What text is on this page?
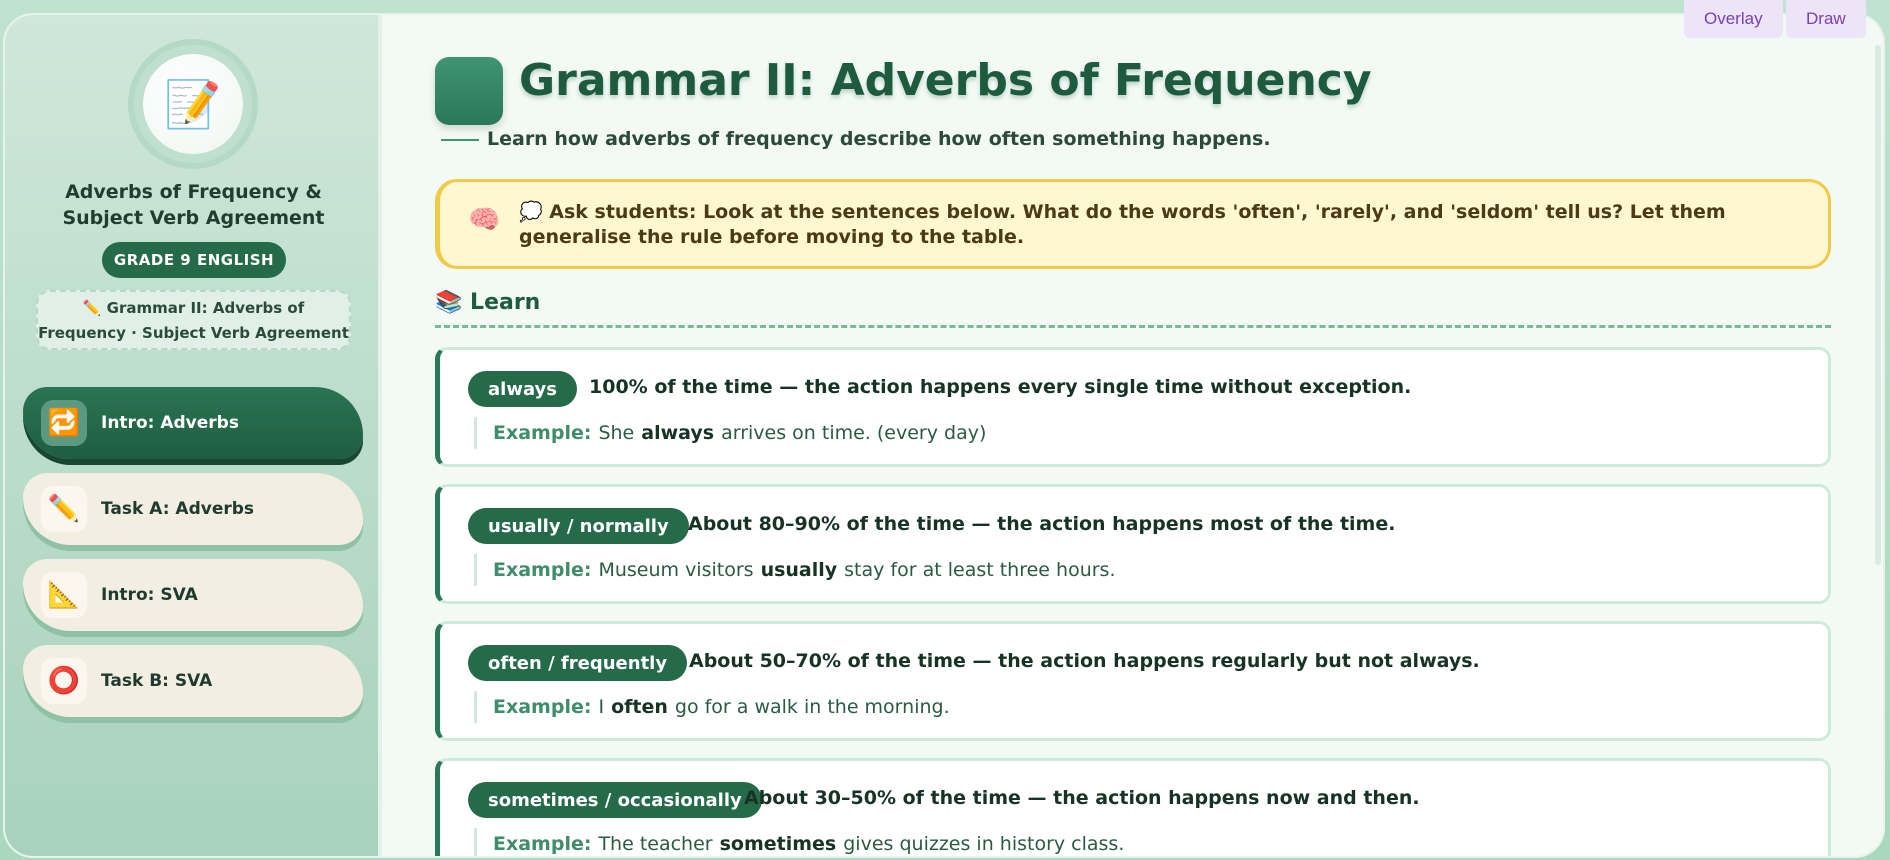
📝
Adverbs of Frequency & Subject Verb Agreement
GRADE 9 ENGLISH
✏️ Grammar II: Adverbs of Frequency · Subject Verb Agreement
🔁	Intro: Adverbs
✏️	Task A: Adverbs
📐	Intro: SVA
⭕	Task B: SVA
Grammar II: Adverbs of Frequency
Learn how adverbs of frequency describe how often something happens.
🧠 💭 Ask students: Look at the sentences below. What do the words 'often', 'rarely', and 'seldom' tell us? Let them generalise the rule before moving to the table.
📚 Learn
always	100% of the time — the action happens every single time without exception.
Example: She always arrives on time. (every day)
usually / normally	About 80–90% of the time — the action happens most of the time.
Example: Museum visitors usually stay for at least three hours.
often / frequently	About 50–70% of the time — the action happens regularly but not always.
Example: I often go for a walk in the morning.
sometimes / occasionally About 30–50% of the time — the action happens now and then.
Example: The teacher sometimes gives quizzes in history class.
Overlay	Draw
